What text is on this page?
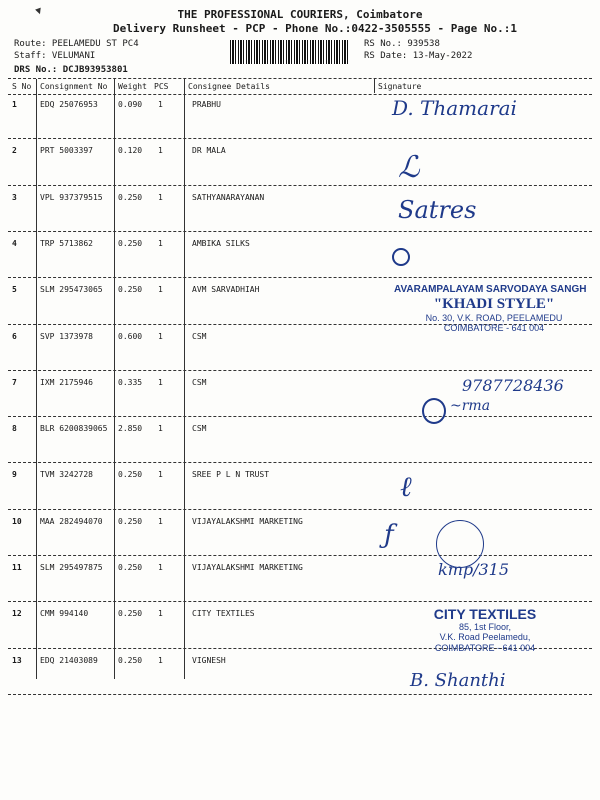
▼	THE PROFESSIONAL COURIERS, Coimbatore
Delivery Runsheet - PCP - Phone No.:0422-3505555 - Page No.:1
Route: PEELAMEDU ST PC4
Staff: VELUMANI
DRS No.: DCJB93953801
RS No.: 939538
RS Date: 13-May-2022
S No Consignment No Weight PCS Consignee Details	Signature
1	EDQ 25076953	0.090 1	PRABHU
2	PRT 5003397	0.120 1	DR MALA
3	VPL 937379515 0.250 1	SATHYANARAYANAN
4	TRP 5713862	0.250 1	AMBIKA SILKS
5	SLM 295473065 0.250 1	AVM SARVADHIAH
6	SVP 1373978	0.600 1	CSM
7	IXM 2175946	0.335 1	CSM
8	BLR 6200839065 2.850 1	CSM
9	TVM 3242728	0.250 1	SREE P L N TRUST
10 MAA 282494070 0.250 1	VIJAYALAKSHMI MARKETING
11 SLM 295497875 0.250 1	VIJAYALAKSHMI MARKETING
12 CMM 994140	0.250 1	CITY TEXTILES
13 EDQ 21403089	0.250 1	VIGNESH
D. Thamarai
ℒ
Satres
AVARAMPALAYAM SARVODAYA SANGH
"KHADI STYLE"
No. 30, V.K. ROAD, PEELAMEDU
COIMBATORE - 641 004
9787728436
~rma
ℓ
ƒ
kmp/315
CITY TEXTILES
85, 1st Floor,
V.K. Road Peelamedu,
COIMBATORE - 641 004
B. Shanthi
